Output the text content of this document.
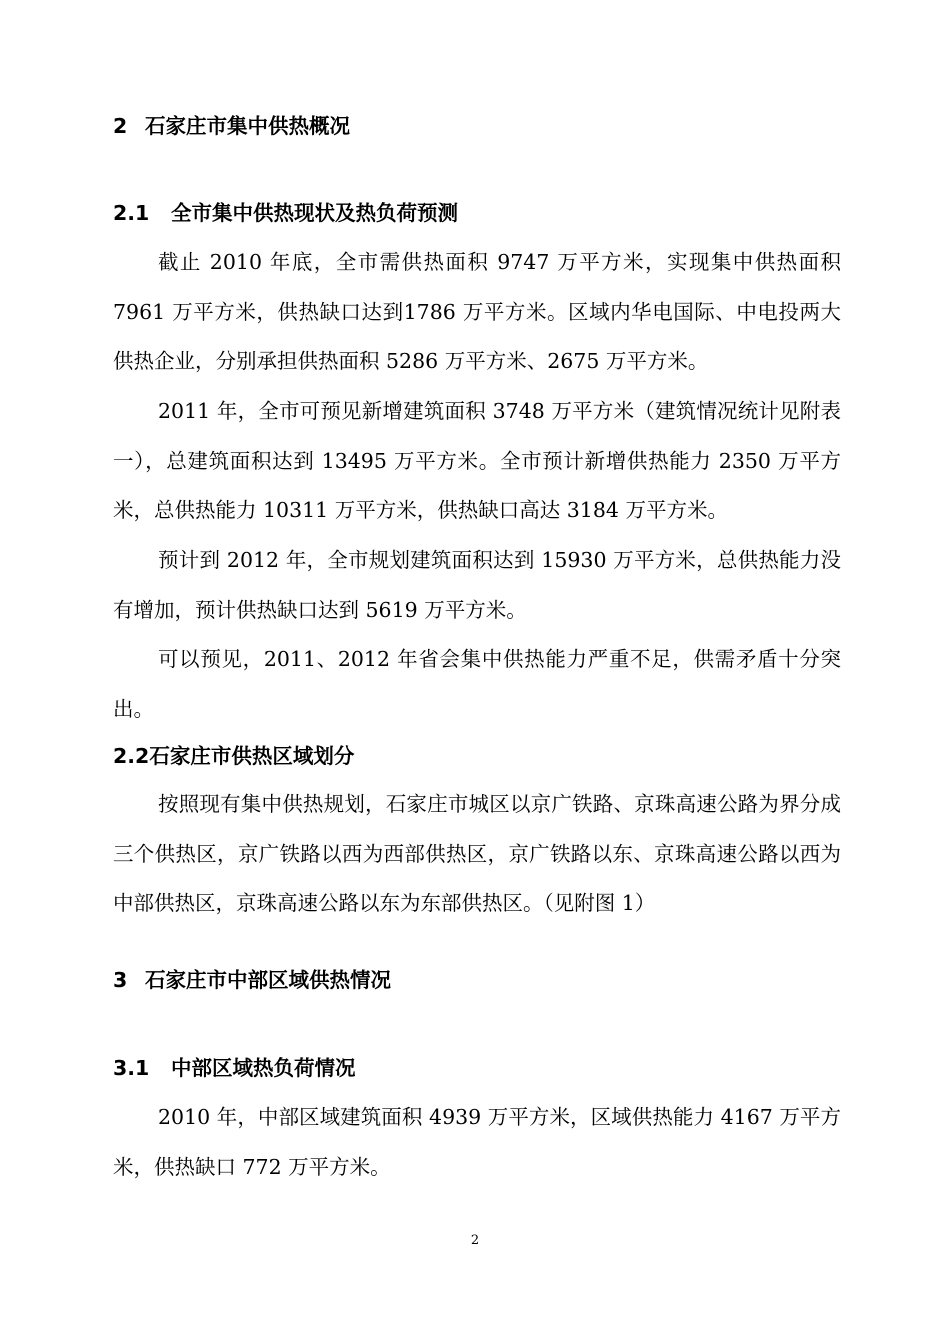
2 石家庄市集中供热概况
2.1 全市集中供热现状及热负荷预测

截止 2010 年底，全市需供热面积 9747 万平方米，实现集中供热面积 7961 万平方米，供热缺口达到1786 万平方米。区域内华电国际、中电投两大供热企业，分别承担供热面积 5286 万平方米、2675 万平方米。

2011 年，全市可预见新增建筑面积 3748 万平方米（建筑情况统计见附表一），总建筑面积达到 13495 万平方米。全市预计新增供热能力 2350 万平方米，总供热能力 10311 万平方米，供热缺口高达 3184 万平方米。

预计到 2012 年，全市规划建筑面积达到 15930 万平方米，总供热能力没有增加，预计供热缺口达到 5619 万平方米。

可以预见，2011、2012 年省会集中供热能力严重不足，供需矛盾十分突出。

2.2石家庄市供热区域划分

按照现有集中供热规划，石家庄市城区以京广铁路、京珠高速公路为界分成三个供热区，京广铁路以西为西部供热区，京广铁路以东、京珠高速公路以西为中部供热区，京珠高速公路以东为东部供热区。（见附图 1）

3 石家庄市中部区域供热情况
3.1 中部区域热负荷情况

2010 年，中部区域建筑面积 4939 万平方米，区域供热能力 4167 万平方米，供热缺口 772 万平方米。

2
